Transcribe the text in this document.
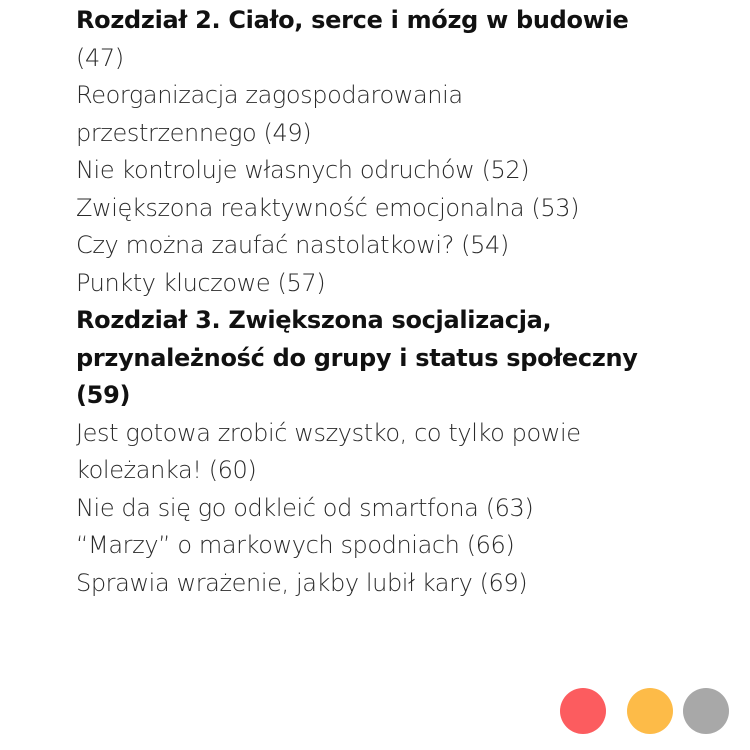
Rozdział 2. Ciało, serce i mózg w budowie
(47)
Reorganizacja zagospodarowania
przestrzennego (49)
Nie kontroluje własnych odruchów (52)
Zwiększona reaktywność emocjonalna (53)
Czy można zaufać nastolatkowi? (54)
Punkty kluczowe (57)
Rozdział 3. Zwiększona socjalizacja,
przynależność do grupy i status społeczny
(59)
Jest gotowa zrobić wszystko, co tylko powie
koleżanka! (60)
Nie da się go odkleić od smartfona (63)
“Marzy” o markowych spodniach (66)
Sprawia wrażenie, jakby lubił kary (69)
